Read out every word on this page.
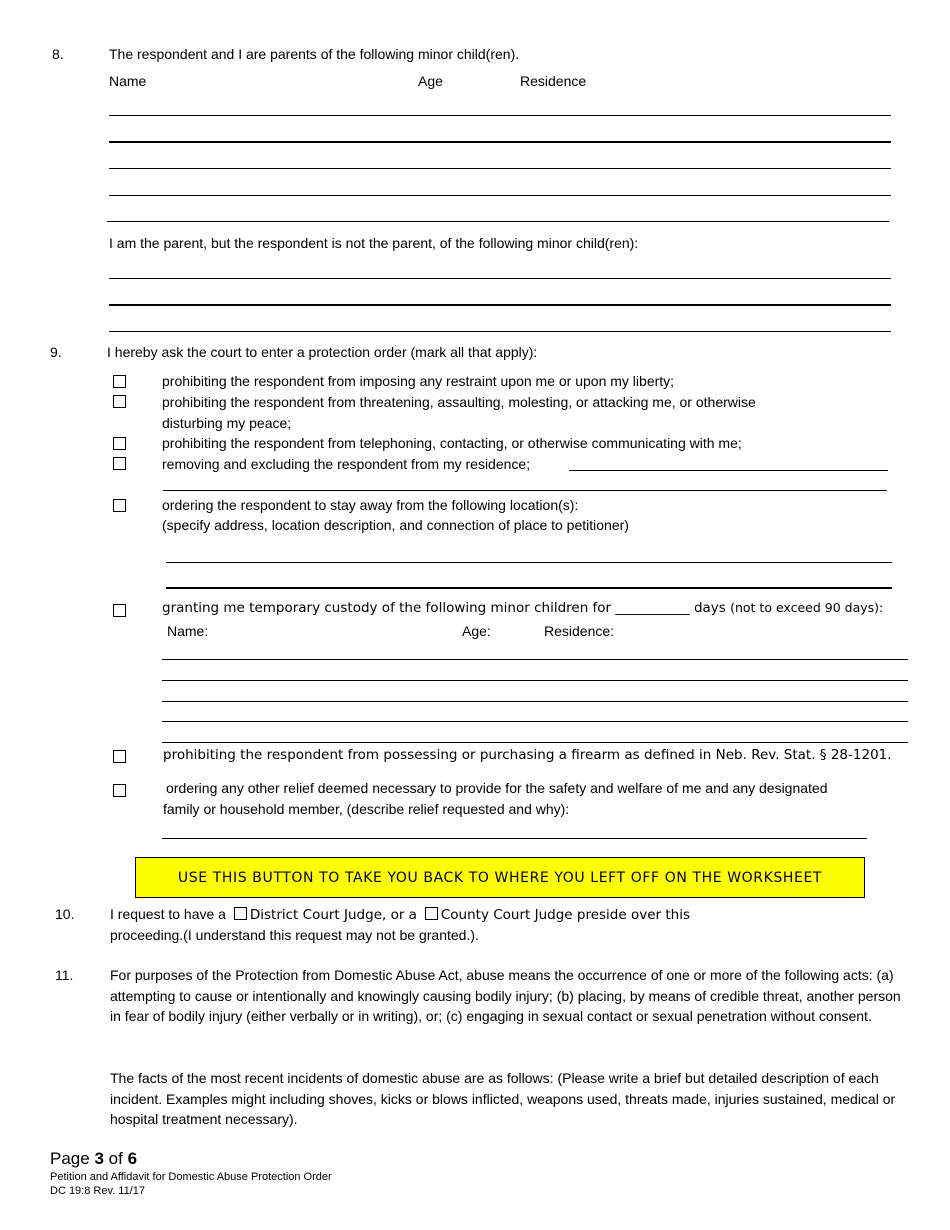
8.	The respondent and I are parents of the following minor child(ren).
Name	Age	Residence
I am the parent, but the respondent is not the parent, of the following minor child(ren):
9.	I hereby ask the court to enter a protection order (mark all that apply):
prohibiting the respondent from imposing any restraint upon me or upon my liberty;
prohibiting the respondent from threatening, assaulting, molesting, or attacking me, or otherwise
disturbing my peace;
prohibiting the respondent from telephoning, contacting, or otherwise communicating with me;
removing and excluding the respondent from my residence;
ordering the respondent to stay away from the following location(s):
(specify address, location description, and connection of place to petitioner)
granting me temporary custody of the following minor children for ___________ days (not to exceed 90 days):
Name:	Age:	Residence:
prohibiting the respondent from possessing or purchasing a firearm as defined in Neb. Rev. Stat. § 28-1201.
ordering any other relief deemed necessary to provide for the safety and welfare of me and any designated
family or household member, (describe relief requested and why):
USE THIS BUTTON TO TAKE YOU BACK TO WHERE YOU LEFT OFF ON THE WORKSHEET
10.	I request to have a District Court Judge, or a County Court Judge preside over this
proceeding.(I understand this request may not be granted.).
11.	For purposes of the Protection from Domestic Abuse Act, abuse means the occurrence of one or more of the following acts: (a) attempting to cause or intentionally and knowingly causing bodily injury; (b) placing, by means of credible threat, another person in fear of bodily injury (either verbally or in writing), or; (c) engaging in sexual contact or sexual penetration without consent.
The facts of the most recent incidents of domestic abuse are as follows: (Please write a brief but detailed description of each incident. Examples might including shoves, kicks or blows inflicted, weapons used, threats made, injuries sustained, medical or hospital treatment necessary).
Page 3 of 6
Petition and Affidavit for Domestic Abuse Protection Order
DC 19:8 Rev. 11/17
